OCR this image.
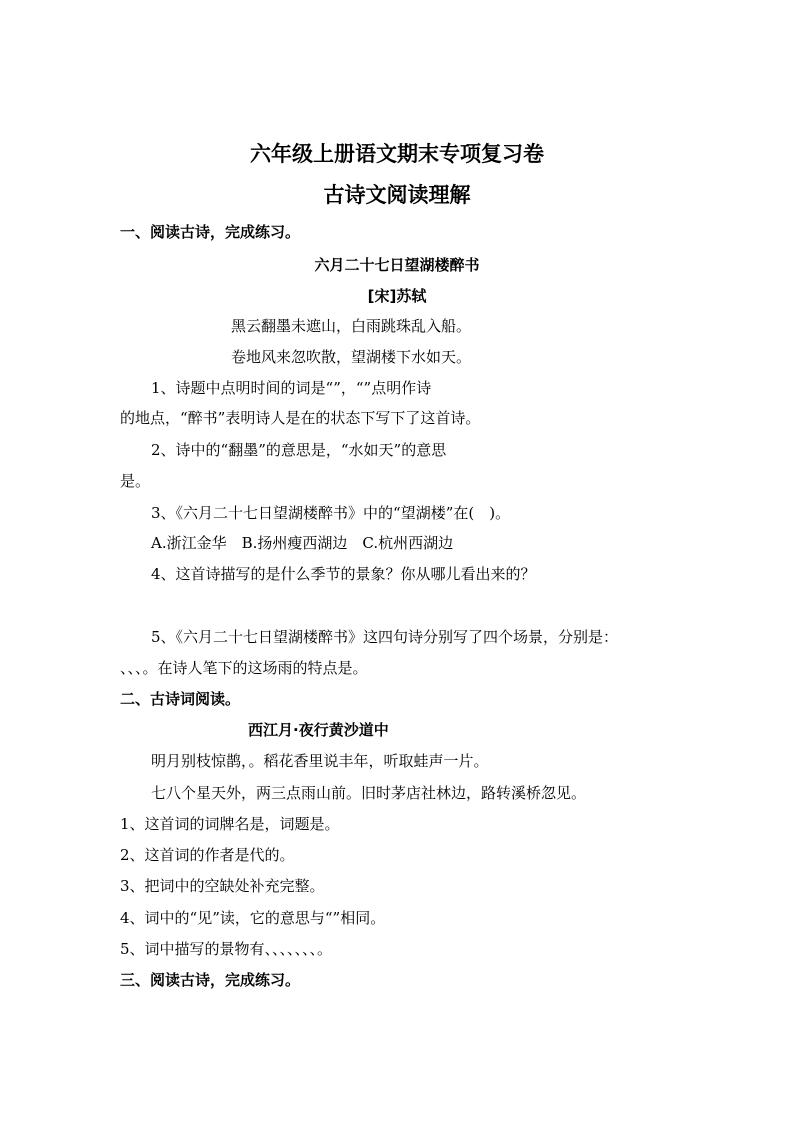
六年级上册语文期末专项复习卷
古诗文阅读理解
一、阅读古诗，完成练习。
六月二十七日望湖楼醉书
[宋]苏轼
黑云翻墨未遮山，白雨跳珠乱入船。
卷地风来忽吹散，望湖楼下水如天。
1、诗题中点明时间的词是“”，“”点明作诗
的地点，“醉书”表明诗人是在的状态下写下了这首诗。
2、诗中的“翻墨”的意思是，“水如天”的意思
是。
3、《六月二十七日望湖楼醉书》中的“望湖楼”在(　)。
A.浙江金华　B.扬州瘦西湖边　C.杭州西湖边
4、这首诗描写的是什么季节的景象？你从哪儿看出来的？
5、《六月二十七日望湖楼醉书》这四句诗分别写了四个场景，分别是：
、、、。在诗人笔下的这场雨的特点是。
二、古诗词阅读。
西江月·夜行黄沙道中
明月别枝惊鹊，。稻花香里说丰年，听取蛙声一片。
七八个星天外，两三点雨山前。旧时茅店社林边，路转溪桥忽见。
1、这首词的词牌名是，词题是。
2、这首词的作者是代的。
3、把词中的空缺处补充完整。
4、词中的“见”读，它的意思与“”相同。
5、词中描写的景物有、、、、、、、。
三、阅读古诗，完成练习。
